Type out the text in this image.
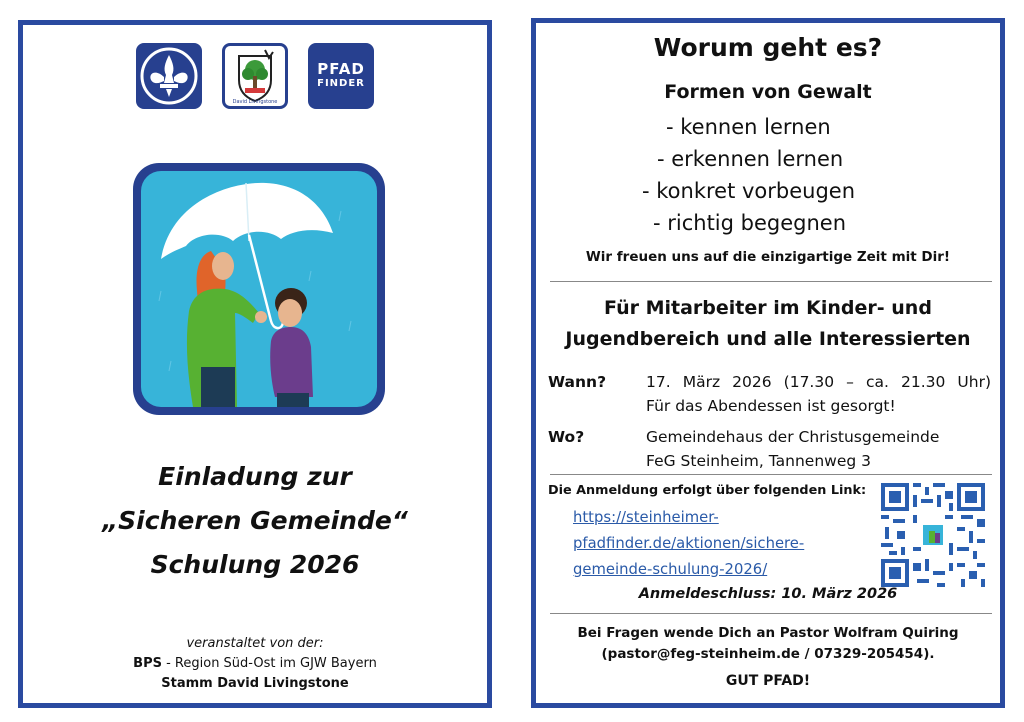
David Livingstone
PFAD
FINDER
Einladung zur
„Sicheren Gemeinde“
Schulung 2026
veranstaltet von der:
BPS - Region Süd-Ost im GJW Bayern
Stamm David Livingstone
Worum geht es?
Formen von Gewalt
- kennen lernen
- erkennen lernen
- konkret vorbeugen
- richtig begegnen
Wir freuen uns auf die einzigartige Zeit mit Dir!
Für Mitarbeiter im Kinder- und
Jugendbereich und alle Interessierten
Wann?	17. März 2026 (17.30 – ca. 21.30 Uhr)
Für das Abendessen ist gesorgt!
Wo?	Gemeindehaus der Christusgemeinde
FeG Steinheim, Tannenweg 3
Die Anmeldung erfolgt über folgenden Link:
https://steinheimer-
pfadfinder.de/aktionen/sichere-
gemeinde-schulung-2026/
Anmeldeschluss: 10. März 2026
Bei Fragen wende Dich an Pastor Wolfram Quiring
(pastor@feg-steinheim.de / 07329-205454).
GUT PFAD!
